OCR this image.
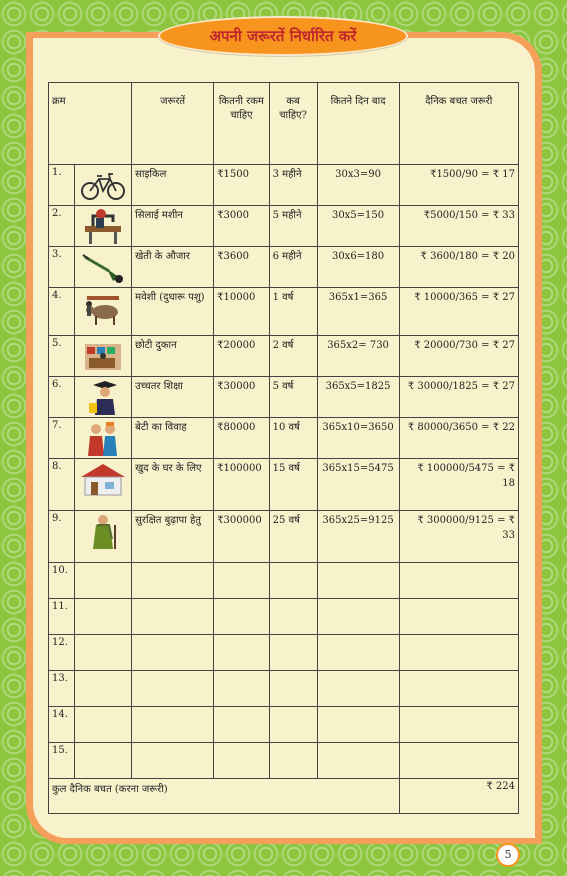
अपनी जरूरतें निर्धारित करें
क्रम		जरूरतें	कितनी रकम चाहिए	कब चाहिए?	कितने दिन बाद	दैनिक बचत जरूरी
1.		साइकिल	₹1500	3 महीने	30x3=90	₹1500/90 = ₹ 17
2.		सिलाई मशीन	₹3000	5 महीने	30x5=150	₹5000/150 = ₹ 33
3.		खेती के औजार	₹3600	6 महीने	30x6=180	₹ 3600/180 = ₹ 20
4.		मवेशी (दुधारू पशु)	₹10000	1 वर्ष	365x1=365	₹ 10000/365 = ₹ 27
5.		छोटी दुकान	₹20000	2 वर्ष	365x2= 730	₹ 20000/730 = ₹ 27
6.		उच्चतर शिक्षा	₹30000	5 वर्ष	365x5=1825	₹ 30000/1825 = ₹ 27
7.		बेटी का विवाह	₹80000	10 वर्ष	365x10=3650	₹ 80000/3650 = ₹ 22
8.		खुद के घर के लिए	₹100000	15 वर्ष	365x15=5475	₹ 100000/5475 = ₹ 18
9.		सुरक्षित बुढ़ापा हेतु	₹300000	25 वर्ष	365x25=9125	₹ 300000/9125 = ₹ 33
10.						
11.						
12.						
13.						
14.						
15.						
कुल दैनिक बचत (करना जरूरी)						₹ 224
5
